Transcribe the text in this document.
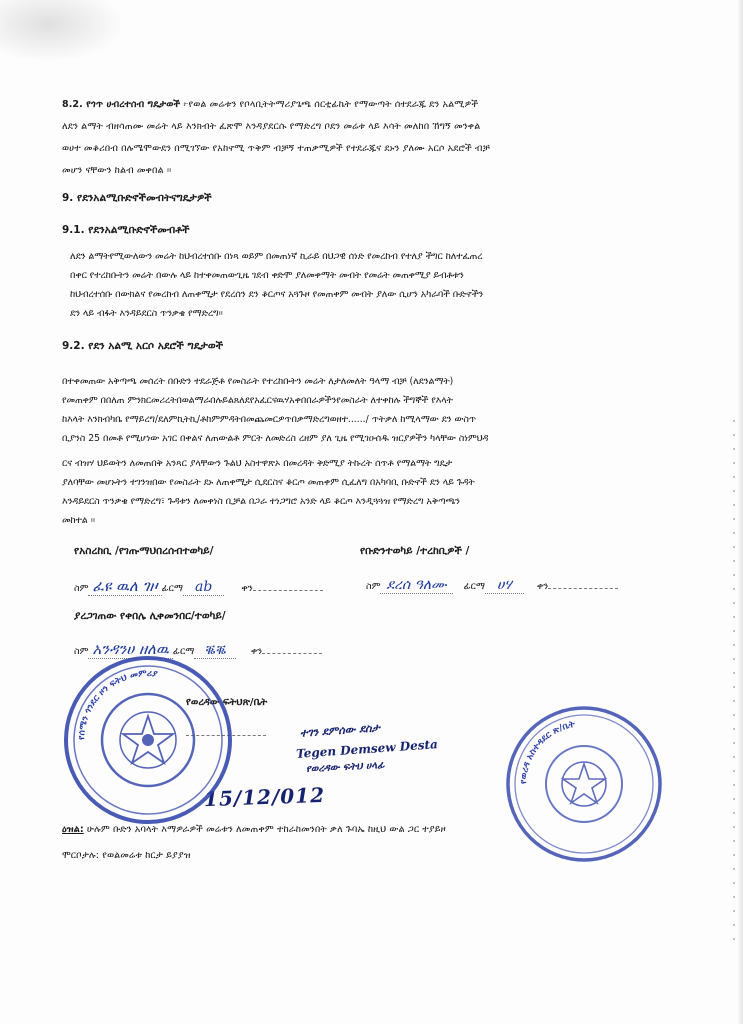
8.2. የጎጥ ሀብረተሰብ ግዴታወች ፦የወል መሬቱን የቦላቢትትማሪያጌጫ ሰርቲፊኬት የማውጣት ሰተደራጁ ደን አልሚዎች
ለደን ልማት ብዘሳጠሙ መሬት ላይ እንክብት ፈጽሞ እንዳያደርሱ የማድረግ ቦደን መሬቱ ላይ እሳት መለከበ ኸግኝ መንቀል
ወሀተ መቆሪበብ በሉሜሞውደን በሚገኘው የአከኖሚ ጥቅም ብቻኝ ተጠቃሚዎች የተደራጁና ደኑን ያለሙ አርሶ አደሮች ብቻ
መሆን ናቸውን ከልብ መቀበል ፡፡
9. የደንአልሚቡድኖችመብትናግዴታዎች
9.1. የደንአልሚቡድኖችመብቶች
ለደን ልማትየሚውለውን መሬት ከህብረተሰቡ በነጻ ወይም በመጠነኛ ኪራይ በህጋዊ ሰነድ የመረከብ የተለያ ችግር ከለተፈጠረ
በቀር የተረከቡትን መሬት በውሉ ላይ ከተቀመጠውጊዜ ገደብ ቀድሞ ያለመቀማት መብት የመሬት መጠቀሚያ ይብቶቱን
ከህብረተሰቡ በውክልና የመረከብ ለጠቀሚታ የደረሰን ደን ቆርጦና አጓጉዞ የመጠቀም መብት ያለው ሲሆን አካራባች ቡድኖችን
ደን ላይ ብፋት እንዳይደርስ ጥንቃቄ የማድረግ፡፡
9.2. የደን አልሚ አርሶ አደሮች ግዴታወች
በተቀመጠው አቅጣጫ መሰረት በቡድን ተደራጅቶ የመስራት የተረከቡትን መሬት ለታለመለት ዓላማ ብቻ (ለደንልማት)
የመጠቀም በበለጠ ምንክርመሪረትበወልማራበሉይልጸለደየአፈርናዉሃአቀበበራዎችንየመስራት ለተቀከሉ ችግኞች የእላት
ከእላት እንክብካቤ የማይረግ/ደለምኪትኪ/ቶከምምዳትበመጨመርዎጥበቃማድረግወዘተ....../ ጥትቃለ ከሚላማው ደን ውስጥ
ቢያንስ 25 በመቶ የሚሆነው አገር በቀልና ለጠውልቶ ምርት ለመድረስ ረዘም ያለ ጊዜ የሚገዑሰዱ ዝርያዎችን ካላቸው ስነምህዳ
ርና ብዝሃ ህይወትን ለመጠበቅ አንጻር ያላቸውን ጉልህ አስተዋጽኦ በመረዳት ቅድሚያ ትኩረት ሰጥቶ የማልማት ግዴታ
ያለባቸው መሆኑትን ተገንዝበው የመስራት ደኑ ለጠቀሚታ ሲደርስና ቆርጦ መጠቀም ሲፈለግ በአካባቢ ቡድኖች ደን ላይ ጉዳት
እንዳይደርስ ጥንቃቄ የማድረግ፣ ጉዳቱን ለመቀነስ ቢቻል በጋራ ተነጋግሮ አንድ ላይ ቆርጦ እንዲጓጓዝ የማድረግ አቅጣጫን
መከተል ፡፡
የአስረከቢ /የገጡማህበረሰብተወካይ/
ስም ፈዩ ዉለ ገዞ ፊርማ ab	ቀን
የቡድንተወካይ /ተረከቢዎች /
ስም ደረሰ ዓለሙ ፊርማ ሀሃ	ቀን
ያረጋገጠው የቀበሌ ሊቀመንበር/ተወካይ/
ስም አንዳንሀ ዘለዉ ፊርማ ቘቘ	ቀን
የወረዳው ፍትህጽ/ቤት
ተገን ደምሰው ደስታ
Tegen Demsew Desta
የወረዳው ፍትህ ሀላፊ
15/12/012
የሰሜን ጎንደር ዞን ፍትህ መምሪያ
የወረዳ አስተዳደር ጽ/ቤት
ዕዝል: ሁሉም ቡድን አባላት እማዎራዎች መሬቱን ለመጠቀም ተከራከመንበት ቃለ ጉባኤ ከዚህ ውል ጋር ተያይዞ
ሞርቦታሉ: የወልመሬቱ ከርታ ይያያዝ
